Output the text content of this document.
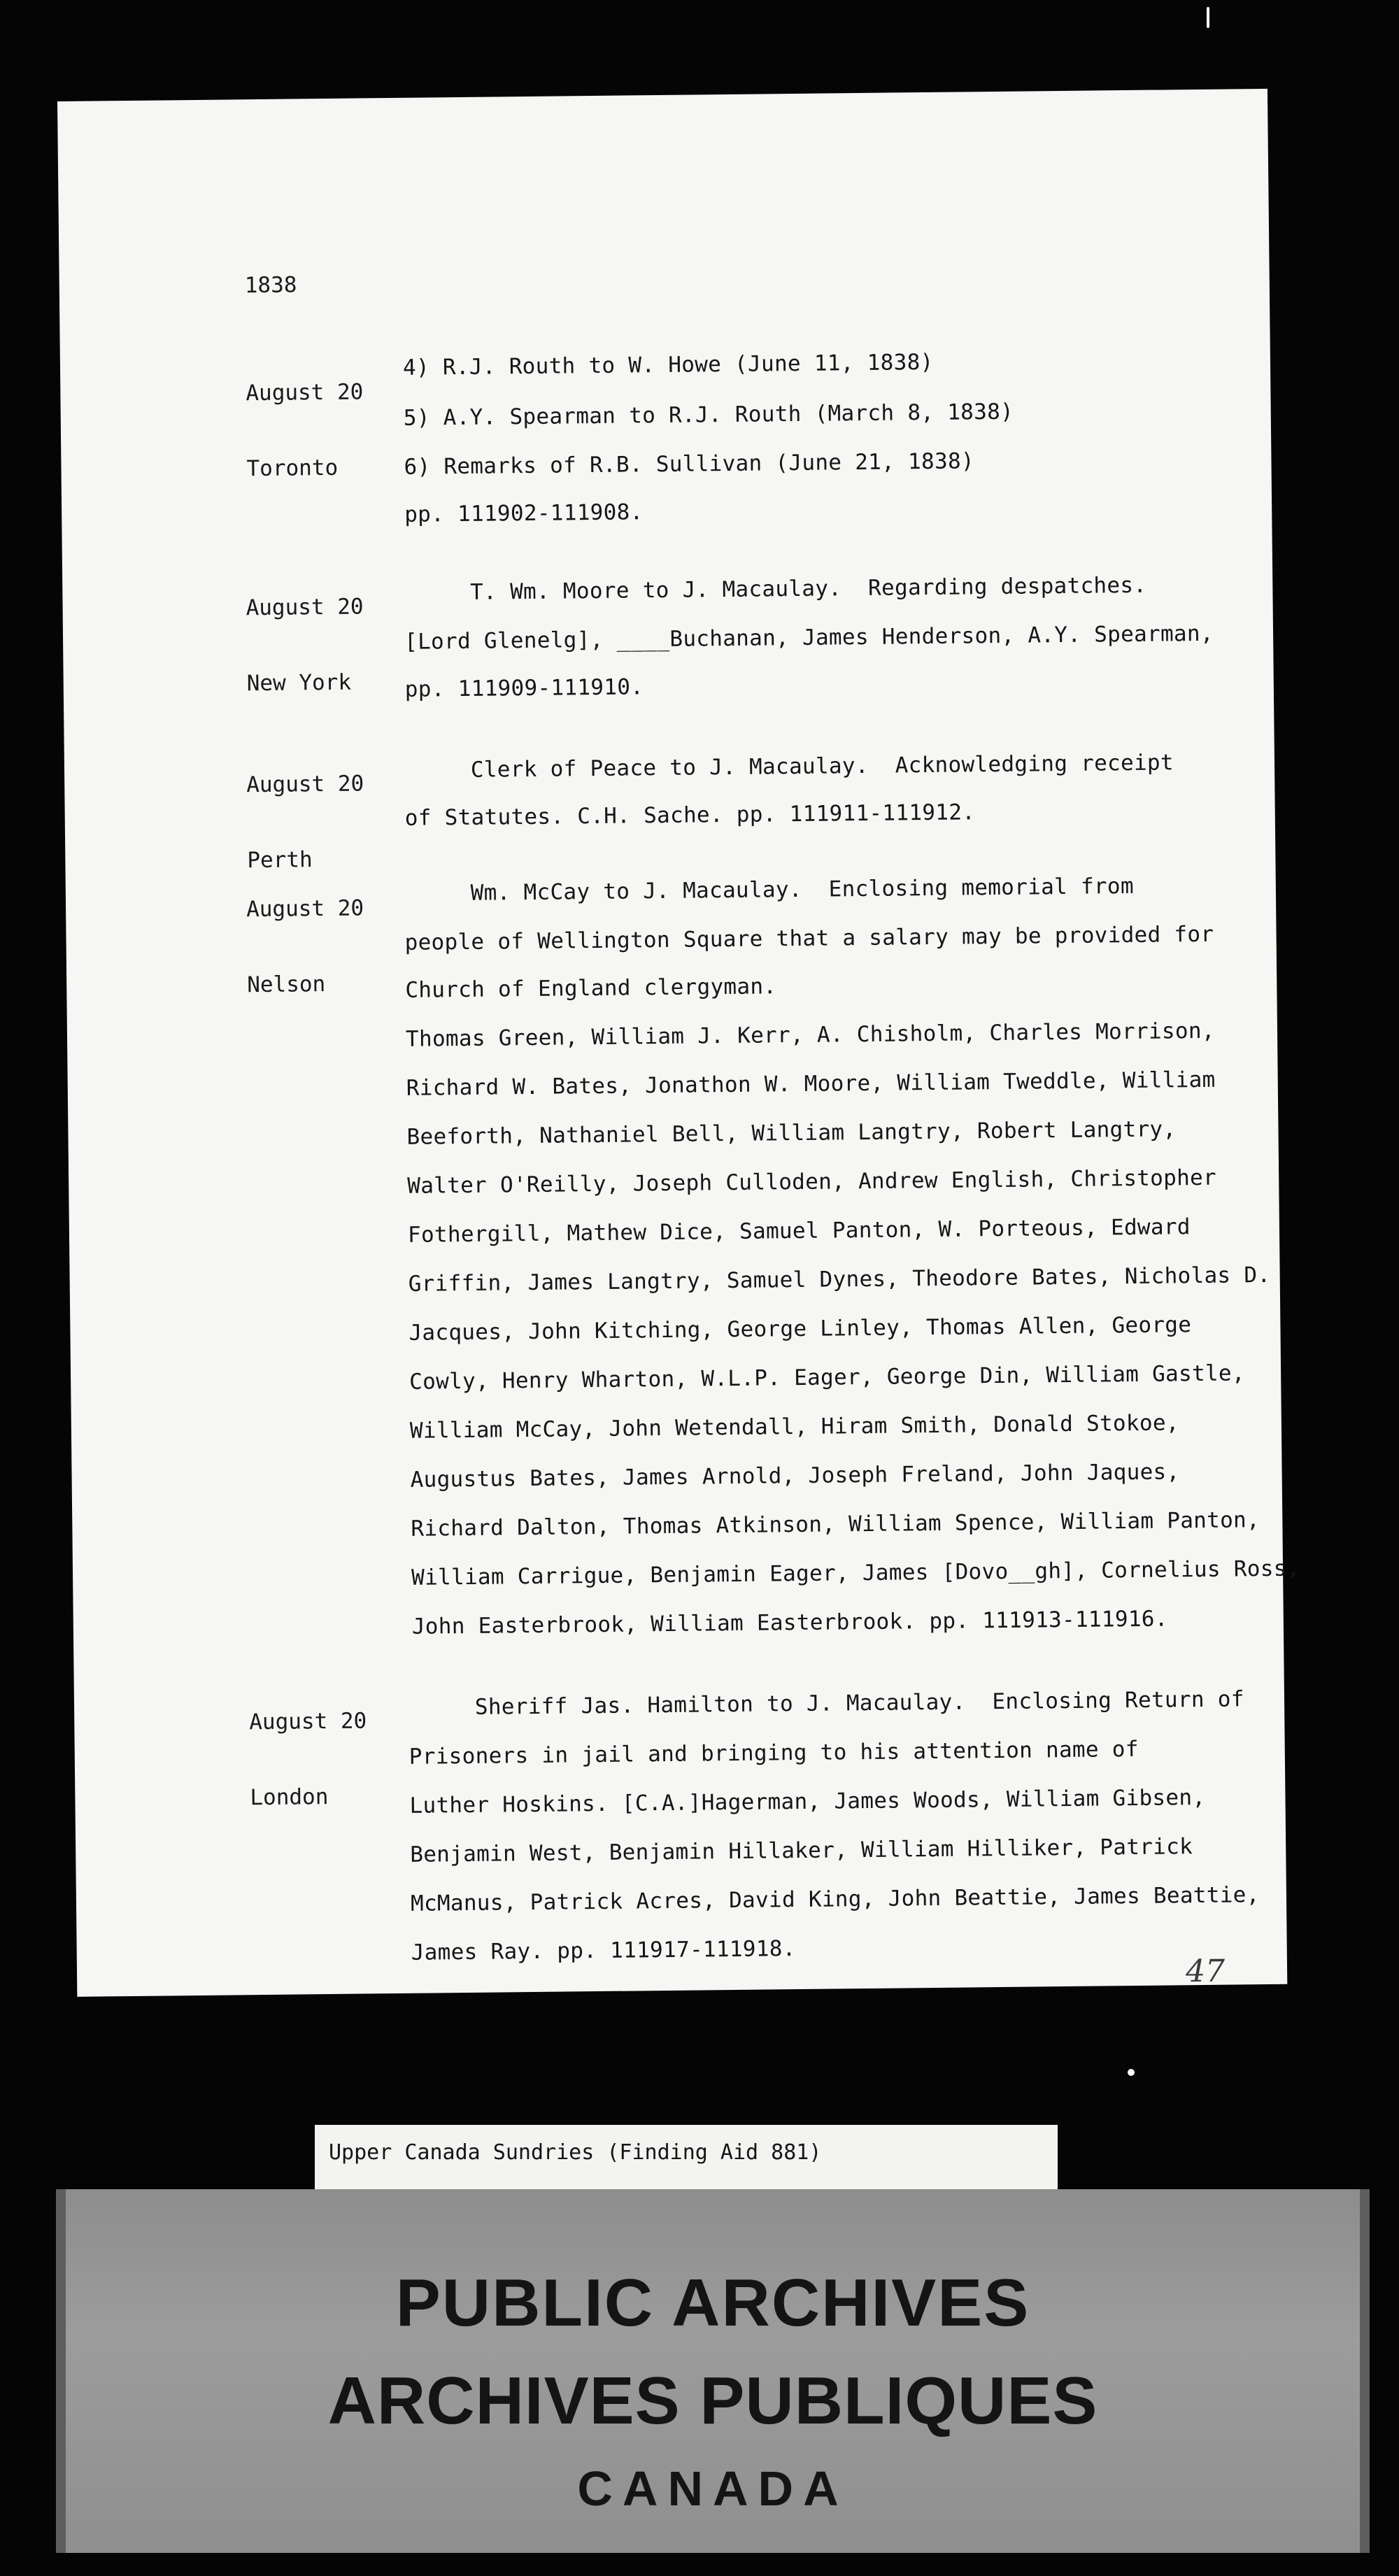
1838

August 20

Toronto

4) R.J. Routh to W. Howe (June 11, 1838)
5) A.Y. Spearman to R.J. Routh (March 8, 1838)
6) Remarks of R.B. Sullivan (June 21, 1838)
pp. 111902-111908.

August 20

New York

T. Wm. Moore to J. Macaulay.  Regarding despatches.
[Lord Glenelg], ____Buchanan, James Henderson, A.Y. Spearman,
pp. 111909-111910.

August 20

Perth

Clerk of Peace to J. Macaulay.  Acknowledging receipt
of Statutes. C.H. Sache. pp. 111911-111912.

August 20

Nelson

Wm. McCay to J. Macaulay.  Enclosing memorial from
people of Wellington Square that a salary may be provided for
Church of England clergyman.
Thomas Green, William J. Kerr, A. Chisholm, Charles Morrison,
Richard W. Bates, Jonathon W. Moore, William Tweddle, William
Beeforth, Nathaniel Bell, William Langtry, Robert Langtry,
Walter O'Reilly, Joseph Culloden, Andrew English, Christopher
Fothergill, Mathew Dice, Samuel Panton, W. Porteous, Edward
Griffin, James Langtry, Samuel Dynes, Theodore Bates, Nicholas D.
Jacques, John Kitching, George Linley, Thomas Allen, George
Cowly, Henry Wharton, W.L.P. Eager, George Din, William Gastle,
William McCay, John Wetendall, Hiram Smith, Donald Stokoe,
Augustus Bates, James Arnold, Joseph Freland, John Jaques,
Richard Dalton, Thomas Atkinson, William Spence, William Panton,
William Carrigue, Benjamin Eager, James [Dovo__gh], Cornelius Ross,
John Easterbrook, William Easterbrook. pp. 111913-111916.

August 20

London

Sheriff Jas. Hamilton to J. Macaulay.  Enclosing Return of
Prisoners in jail and bringing to his attention name of
Luther Hoskins. [C.A.]Hagerman, James Woods, William Gibsen,
Benjamin West, Benjamin Hillaker, William Hilliker, Patrick
McManus, Patrick Acres, David King, John Beattie, James Beattie,
James Ray. pp. 111917-111918.
47
Upper Canada Sundries (Finding Aid 881)
PUBLIC ARCHIVES
ARCHIVES PUBLIQUES
CANADA
